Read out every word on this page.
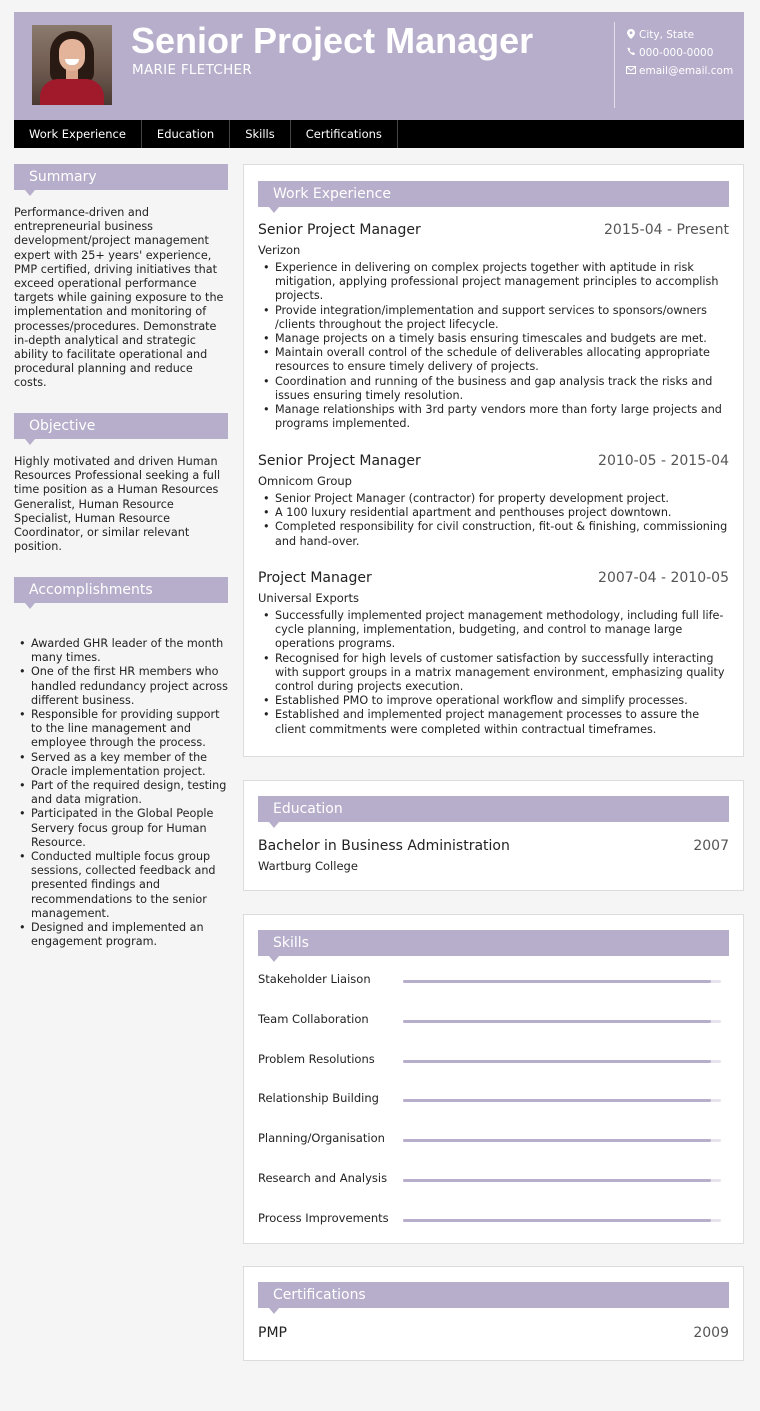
Senior Project Manager
MARIE FLETCHER
City, State
000-000-0000
email@email.com
Work Experience	Education	Skills	Certifications
Summary
Performance-driven and entrepreneurial business development/project management expert with 25+ years' experience, PMP certified, driving initiatives that exceed operational performance targets while gaining exposure to the implementation and monitoring of processes/procedures. Demonstrate in-depth analytical and strategic ability to facilitate operational and procedural planning and reduce costs.
Objective
Highly motivated and driven Human Resources Professional seeking a full time position as a Human Resources Generalist, Human Resource Specialist, Human Resource Coordinator, or similar relevant position.
Accomplishments
• Awarded GHR leader of the month many times.
• One of the first HR members who handled redundancy project across different business.
• Responsible for providing support to the line management and employee through the process.
• Served as a key member of the Oracle implementation project.
• Part of the required design, testing and data migration.
• Participated in the Global People Servery focus group for Human Resource.
• Conducted multiple focus group sessions, collected feedback and presented findings and recommendations to the senior management.
• Designed and implemented an engagement program.
Work Experience
Senior Project Manager	2015-04 - Present
Verizon
• Experience in delivering on complex projects together with aptitude in risk mitigation, applying professional project management principles to accomplish projects.
• Provide integration/implementation and support services to sponsors/owners /clients throughout the project lifecycle.
• Manage projects on a timely basis ensuring timescales and budgets are met.
• Maintain overall control of the schedule of deliverables allocating appropriate resources to ensure timely delivery of projects.
• Coordination and running of the business and gap analysis track the risks and issues ensuring timely resolution.
• Manage relationships with 3rd party vendors more than forty large projects and programs implemented.
Senior Project Manager	2010-05 - 2015-04
Omnicom Group
• Senior Project Manager (contractor) for property development project.
• A 100 luxury residential apartment and penthouses project downtown.
• Completed responsibility for civil construction, fit-out & finishing, commissioning and hand-over.
Project Manager	2007-04 - 2010-05
Universal Exports
• Successfully implemented project management methodology, including full life-cycle planning, implementation, budgeting, and control to manage large operations programs.
• Recognised for high levels of customer satisfaction by successfully interacting with support groups in a matrix management environment, emphasizing quality control during projects execution.
• Established PMO to improve operational workflow and simplify processes.
• Established and implemented project management processes to assure the client commitments were completed within contractual timeframes.
Education
Bachelor in Business Administration	2007
Wartburg College
Skills
Stakeholder Liaison
Team Collaboration
Problem Resolutions
Relationship Building
Planning/Organisation
Research and Analysis
Process Improvements
Certifications
PMP	2009
